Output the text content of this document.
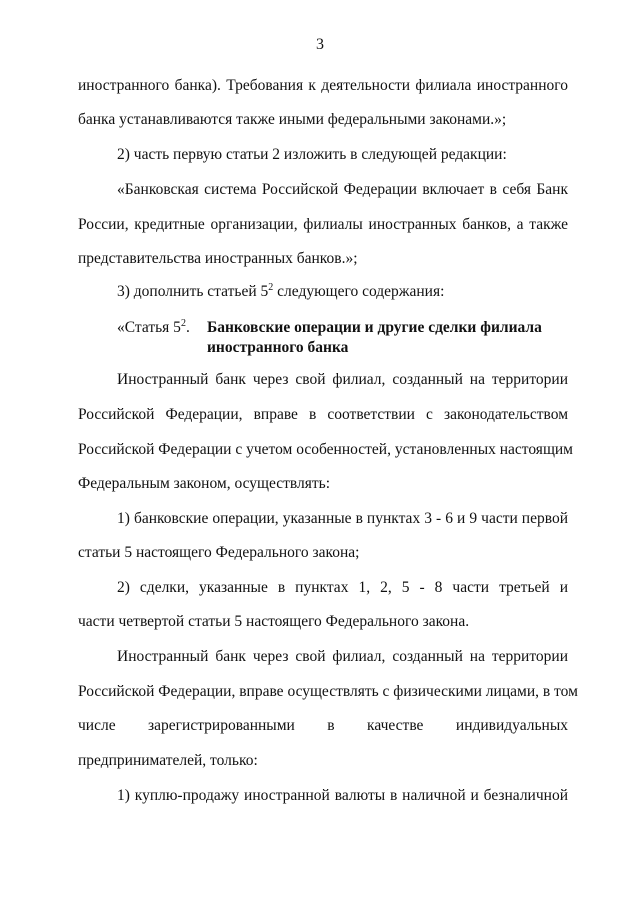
3
иностранного банка). Требования к деятельности филиала иностранного
банка устанавливаются также иными федеральными законами.»;
2) часть первую статьи 2 изложить в следующей редакции:
«Банковская система Российской Федерации включает в себя Банк
России, кредитные организации, филиалы иностранных банков, а также
представительства иностранных банков.»;
3) дополнить статьей $5^2$ следующего содержания:
«Статья $5^2$. Банковские операции и другие сделки филиала иностранного банка
Иностранный банк через свой филиал, созданный на территории
Российской Федерации, вправе в соответствии с законодательством
Российской Федерации с учетом особенностей, установленных настоящим
Федеральным законом, осуществлять:
1) банковские операции, указанные в пунктах 3 - 6 и 9 части первой
статьи 5 настоящего Федерального закона;
2) сделки, указанные в пунктах 1, 2, 5 - 8 части третьей и
части четвертой статьи 5 настоящего Федерального закона.
Иностранный банк через свой филиал, созданный на территории
Российской Федерации, вправе осуществлять с физическими лицами, в том
числе зарегистрированными в качестве индивидуальных
предпринимателей, только:
1) куплю-продажу иностранной валюты в наличной и безналичной
